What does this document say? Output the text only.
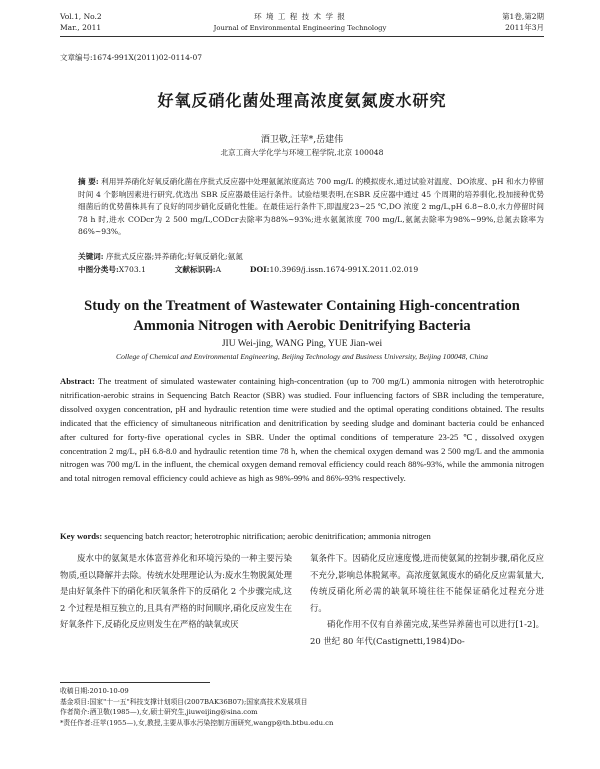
Vol.1, No.2
Mar., 2011
环 境 工 程 技 术 学 报
Journal of Environmental Engineering Technology
第1卷,第2期
2011年3月
文章编号:1674-991X(2011)02-0114-07
好氧反硝化菌处理高浓度氨氮废水研究
酒卫敬,汪苹*,岳建伟
北京工商大学化学与环境工程学院,北京 100048
摘 要: 利用异养硝化好氧反硝化菌在序批式反应器中处理氨氮浓度高达 700 mg/L 的模拟废水,通过试验对温度、DO浓度、pH 和水力停留时间 4 个影响因素进行研究,优选出 SBR 反应器最佳运行条件。试验结果表明,在SBR 反应器中通过 45 个周期的培养驯化,投加接种优势细菌后的优势菌株具有了良好的同步硝化反硝化性能。在最佳运行条件下,即温度23~25 ℃,DO 浓度 2 mg/L,pH 6.8~8.0,水力停留时间 78 h 时,进水 CODcr为 2 500 mg/L,CODcr去除率为88%~93%;进水氨氮浓度 700 mg/L,氨氮去除率为98%~99%,总氮去除率为86%~93%。
关键词: 序批式反应器;异养硝化;好氧反硝化;氨氮
中图分类号:X703.1	文献标识码:A	DOI:10.3969/j.issn.1674-991X.2011.02.019
Study on the Treatment of Wastewater Containing High-concentration
Ammonia Nitrogen with Aerobic Denitrifying Bacteria
JIU Wei-jing, WANG Ping, YUE Jian-wei
College of Chemical and Environmental Engineering, Beijing Technology and Business University, Beijing 100048, China
Abstract: The treatment of simulated wastewater containing high-concentration (up to 700 mg/L) ammonia nitrogen with heterotrophic nitrification-aerobic strains in Sequencing Batch Reactor (SBR) was studied. Four influencing factors of SBR including the temperature, dissolved oxygen concentration, pH and hydraulic retention time were studied and the optimal operating conditions obtained. The results indicated that the efficiency of simultaneous nitrification and denitrification by seeding sludge and dominant bacteria could be enhanced after cultured for forty-five operational cycles in SBR. Under the optimal conditions of temperature 23-25 ℃, dissolved oxygen concentration 2 mg/L, pH 6.8-8.0 and hydraulic retention time 78 h, when the chemical oxygen demand was 2 500 mg/L and the ammonia nitrogen was 700 mg/L in the influent, the chemical oxygen demand removal efficiency could reach 88%-93%, while the ammonia nitrogen and total nitrogen removal efficiency could achieve as high as 98%-99% and 86%-93% respectively.
Key words: sequencing batch reactor; heterotrophic nitrification; aerobic denitrification; ammonia nitrogen
废水中的氨氮是水体富营养化和环境污染的一种主要污染物质,亟以降解并去除。传统水处理理论认为:废水生物脱氮处理是由好氧条件下的硝化和厌氧条件下的反硝化 2 个步骤完成,这 2 个过程是相互独立的,且具有严格的时间顺序,硝化反应发生在好氧条件下,反硝化反应则发生在严格的缺氧或厌
氧条件下。因硝化反应速度慢,进而使氨氮的控制步骤,硝化反应不充分,影响总体脱氮率。高浓度氨氮废水的硝化反应需氧量大,传统反硝化所必需的缺氧环境往往不能保证硝化过程充分进行。
硝化作用不仅有自养菌完成,某些异养菌也可以进行[1-2]。20 世纪 80 年代(Castignetti,1984)Do-
收稿日期:2010-10-09
基金项目:国家"十一五"科技支撑计划项目(2007BAK36B07);国家高技术发展项目
作者简介:酒卫敬(1985—),女,硕士研究生,jiuweijing@sina.com
*责任作者:汪苹(1955—),女,教授,主要从事水污染控制方面研究,wangp@th.btbu.edu.cn
